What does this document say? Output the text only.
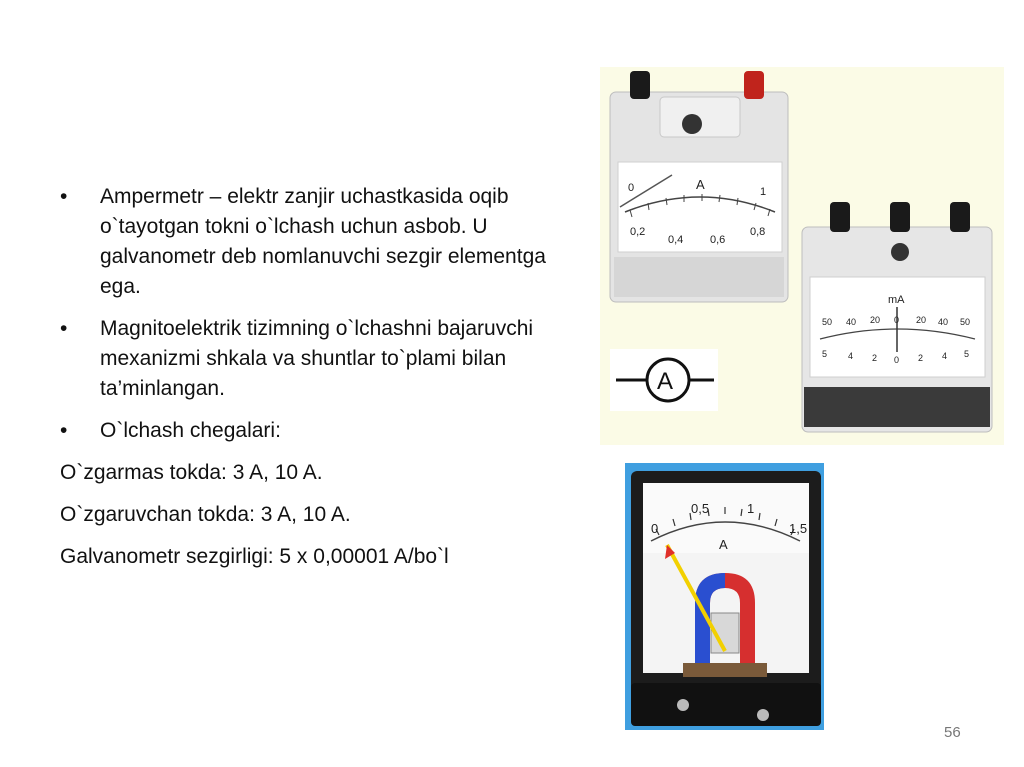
•	Ampermetr – elektr zanjir uchastkasida oqib o`tayotgan tokni o`lchash uchun asbob. U galvanometr deb nomlanuvchi sezgir elementga ega.
•	Magnitoelektrik tizimning o`lchashni bajaruvchi mexanizmi shkala va shuntlar to`plami bilan ta’minlangan.
•	O`lchash chegalari:
O`zgarmas tokda: 3 A, 10 A.
O`zgaruvchan tokda: 3 A, 10 A.
Galvanometr sezgirligi: 5 x 0,00001 A/bo`l
A
0,2
0,4 0,6
0,8
1
0
mA
50 40 20 0 20 40 50
5 4 2 0 2 4 5
A
0
0,5	1
1,5
A
56
